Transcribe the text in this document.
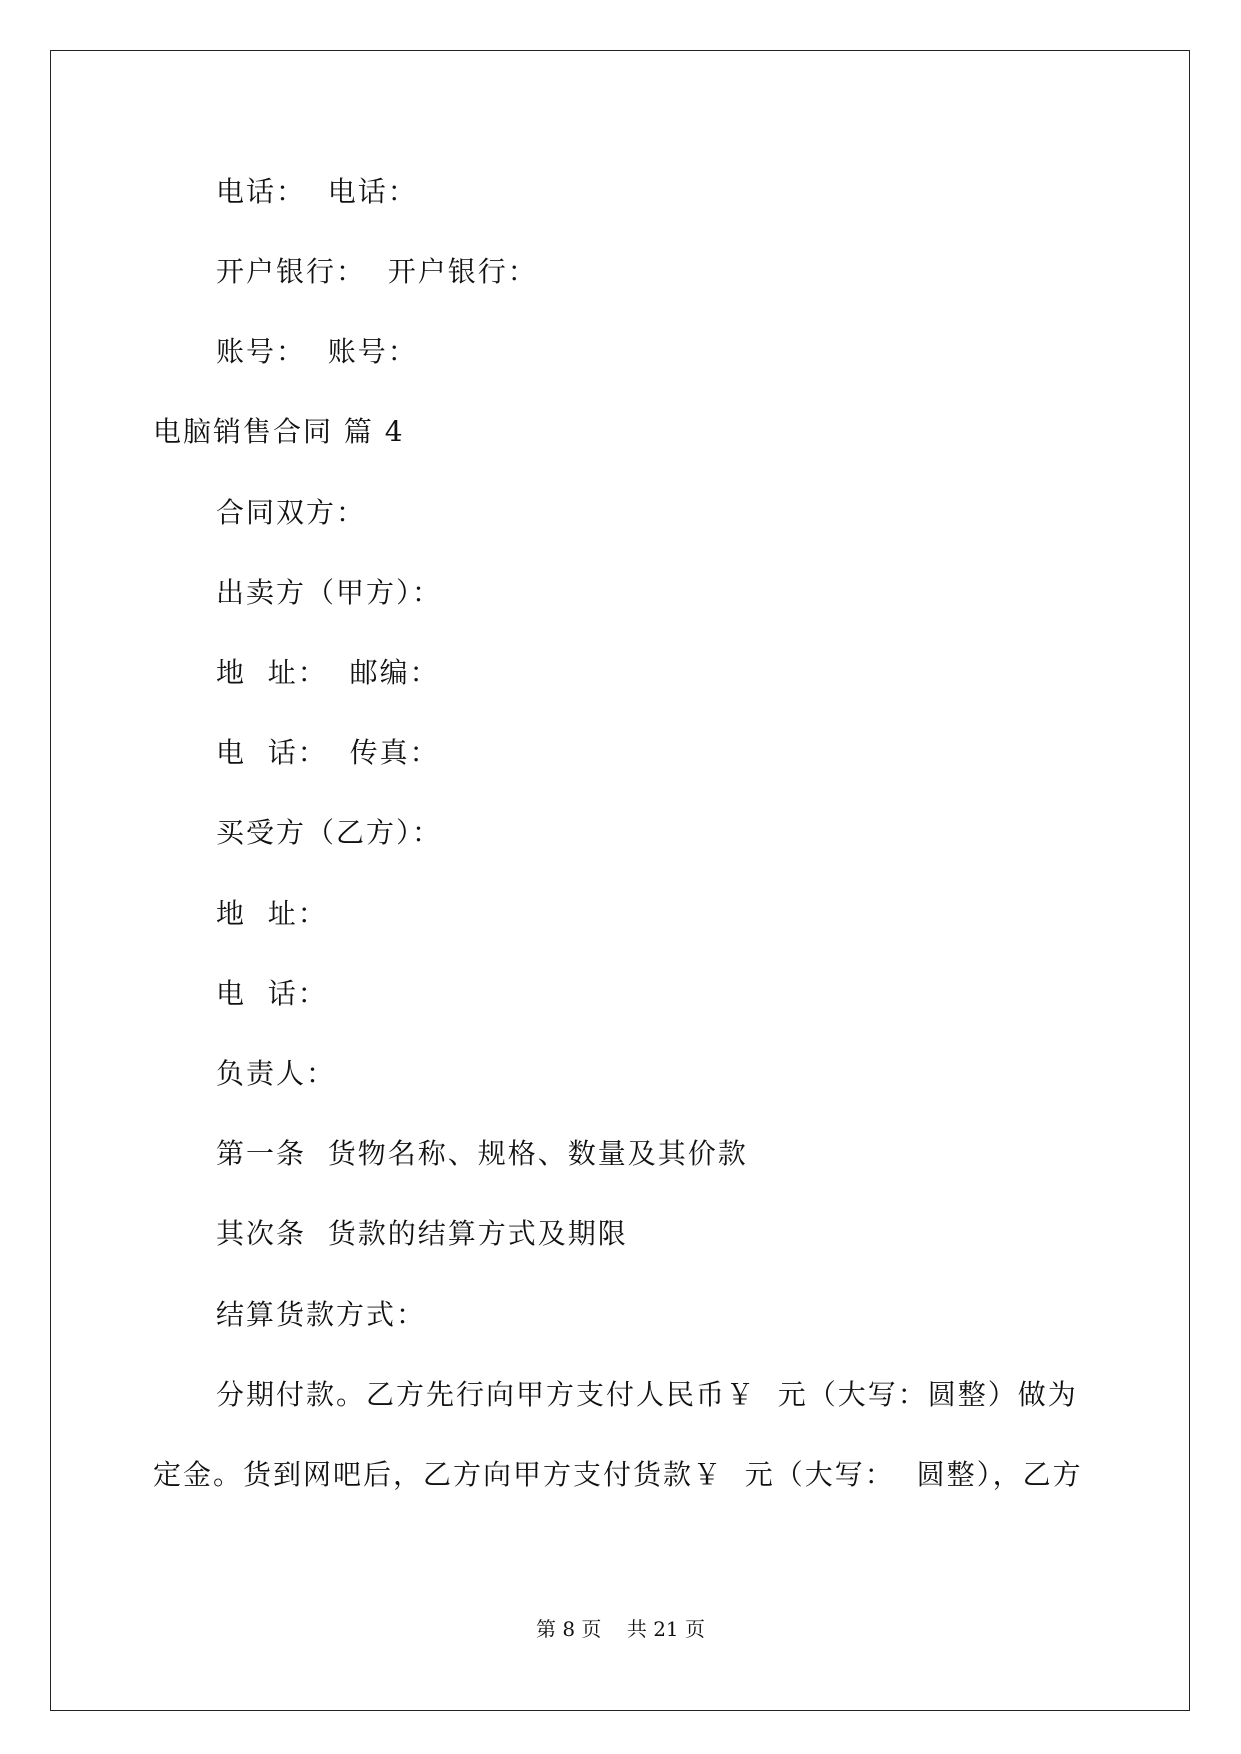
电话：  电话：
开户银行：  开户银行：
账号：  账号：
电脑销售合同 篇 4
合同双方：
出卖方（甲方）：
地  址：  邮编：
电  话：  传真：
买受方（乙方）：
地  址：
电  话：
负责人：
第一条  货物名称、规格、数量及其价款
其次条  货款的结算方式及期限
结算货款方式：
分期付款。乙方先行向甲方支付人民币￥  元（大写：圆整）做为
定金。货到网吧后，乙方向甲方支付货款￥  元（大写：  圆整），乙方
第 8 页    共 21 页
